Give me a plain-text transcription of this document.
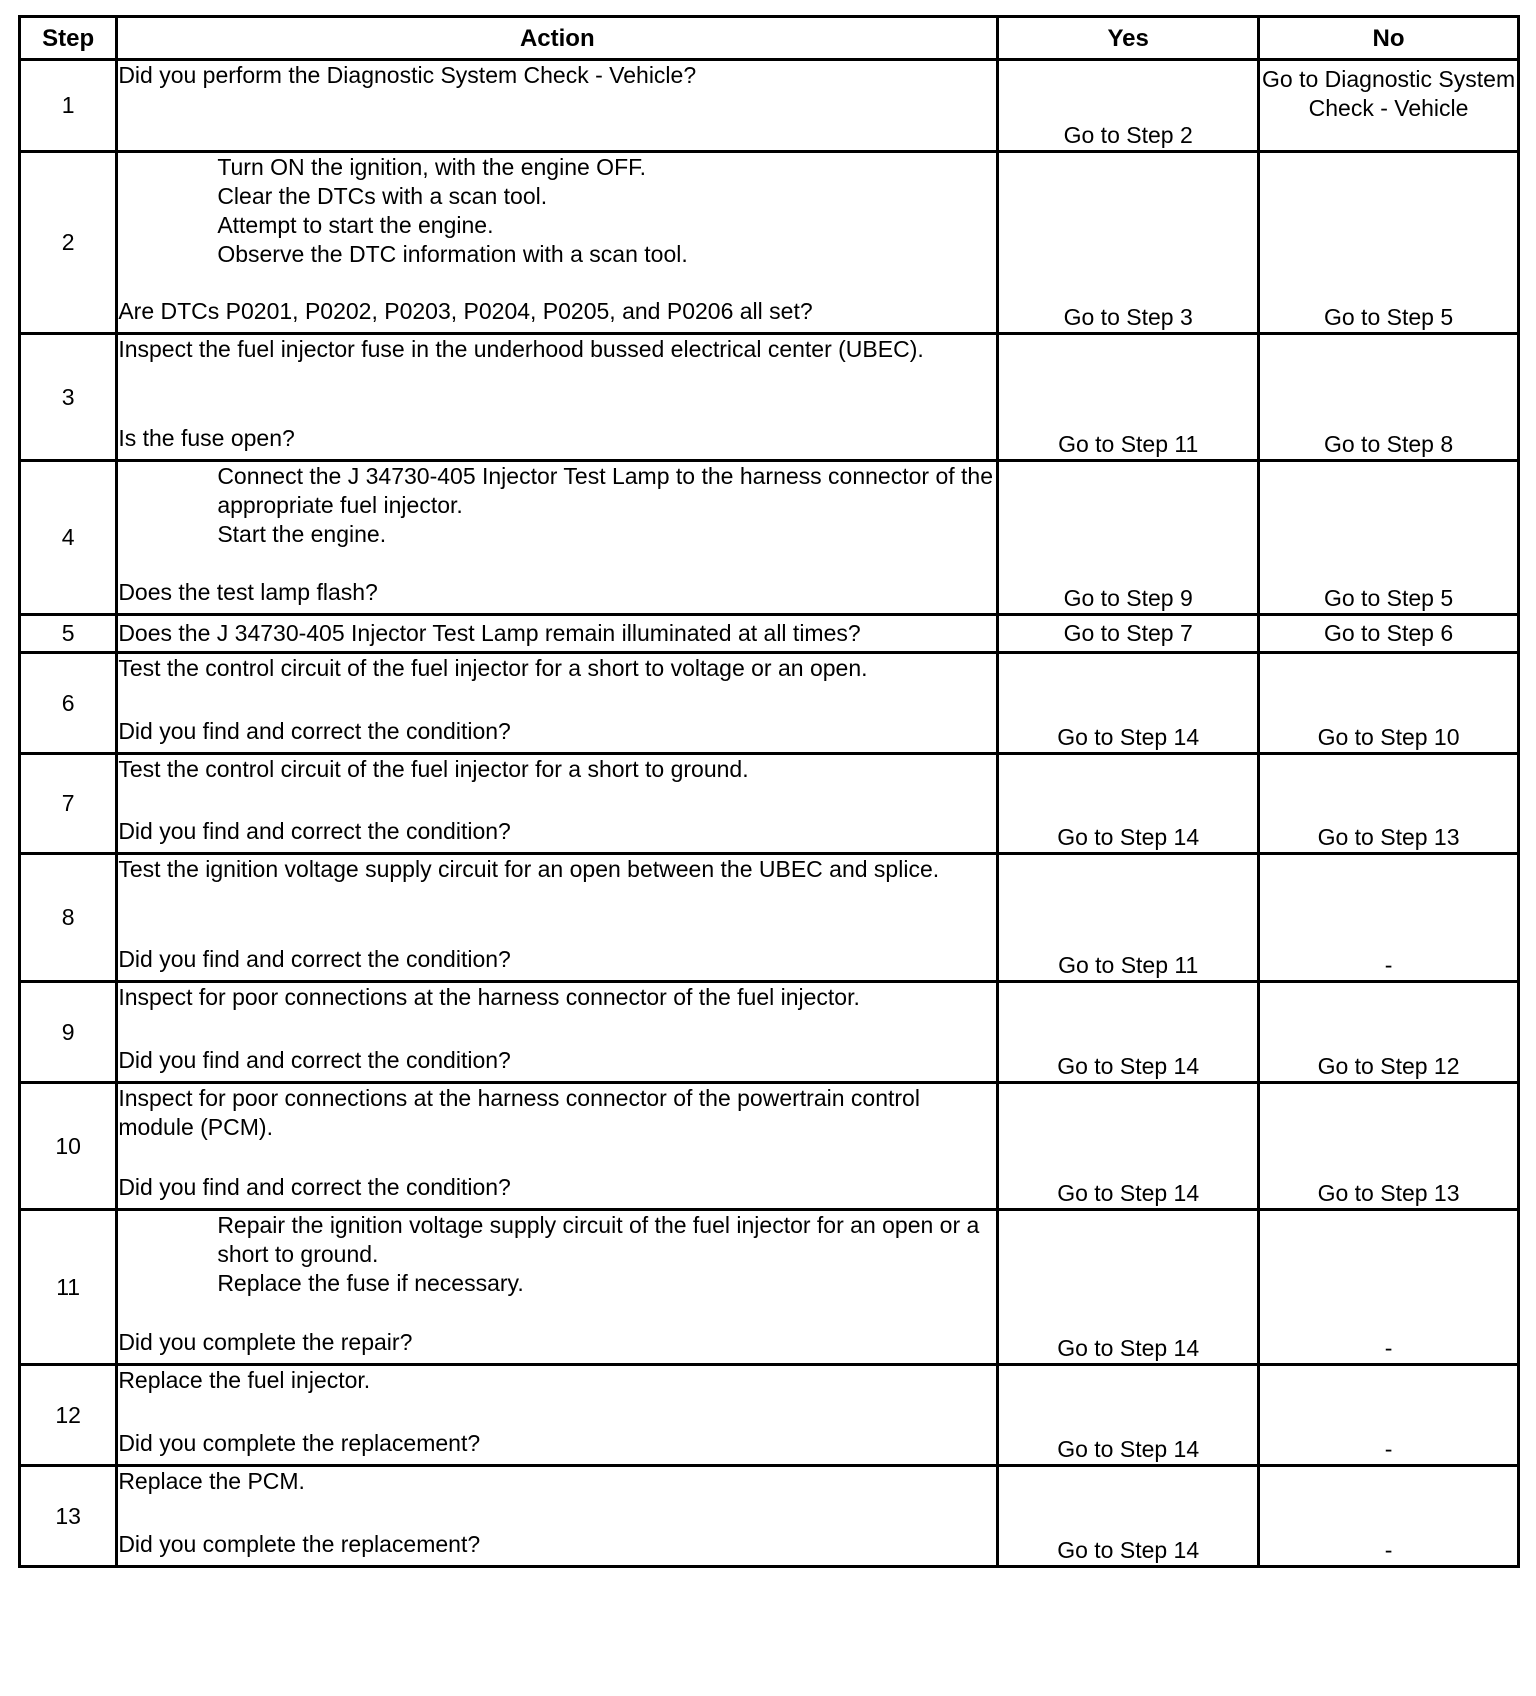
Step	Action	Yes	No
1	Did you perform the Diagnostic System Check - Vehicle?	Go to Step 2	Go to Diagnostic System Check - Vehicle
2	Turn ON the ignition, with the engine OFF.
Clear the DTCs with a scan tool.
Attempt to start the engine.
Observe the DTC information with a scan tool.
Are DTCs P0201, P0202, P0203, P0204, P0205, and P0206 all set?	Go to Step 3	Go to Step 5
3	Inspect the fuel injector fuse in the underhood bussed electrical center (UBEC).
Is the fuse open?	Go to Step 11	Go to Step 8
4	Connect the J 34730-405 Injector Test Lamp to the harness connector of the appropriate fuel injector.
Start the engine.
Does the test lamp flash?	Go to Step 9	Go to Step 5
5	Does the J 34730-405 Injector Test Lamp remain illuminated at all times?	Go to Step 7	Go to Step 6
6	Test the control circuit of the fuel injector for a short to voltage or an open.
Did you find and correct the condition?	Go to Step 14	Go to Step 10
7	Test the control circuit of the fuel injector for a short to ground.
Did you find and correct the condition?	Go to Step 14	Go to Step 13
8	Test the ignition voltage supply circuit for an open between the UBEC and splice.
Did you find and correct the condition?	Go to Step 11	-
9	Inspect for poor connections at the harness connector of the fuel injector.
Did you find and correct the condition?	Go to Step 14	Go to Step 12
10	Inspect for poor connections at the harness connector of the powertrain control module (PCM).
Did you find and correct the condition?	Go to Step 14	Go to Step 13
11	Repair the ignition voltage supply circuit of the fuel injector for an open or a short to ground.
Replace the fuse if necessary.
Did you complete the repair?	Go to Step 14	-
12	Replace the fuel injector.
Did you complete the replacement?	Go to Step 14	-
13	Replace the PCM.
Did you complete the replacement?	Go to Step 14	-
